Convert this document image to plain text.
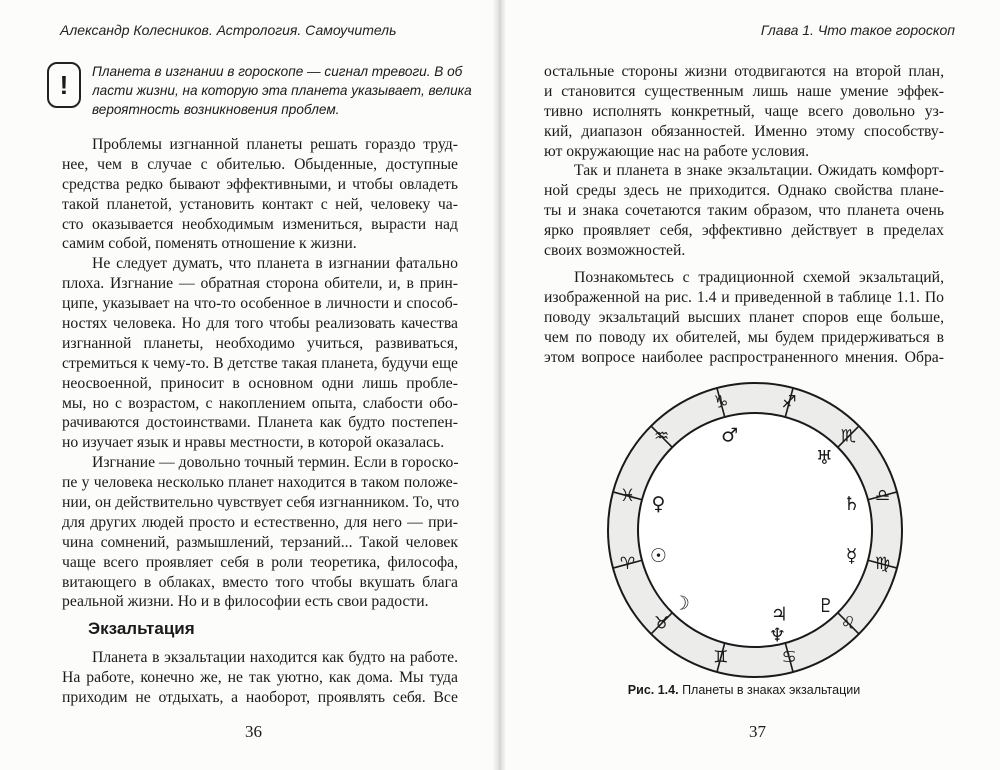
Александр Колесников. Астрология. Самоучитель
!	Планета в изгнании в гороскопе — сигнал тревоги. В об
ласти жизни, на которую эта планета указывает, велика
вероятность возникновения проблем.
Проблемы изгнанной планеты решать гораздо труд-
нее, чем в случае с обителью. Обыденные, доступные
средства редко бывают эффективными, и чтобы овладеть
такой планетой, установить контакт с ней, человеку ча-
сто оказывается необходимым измениться, вырасти над
самим собой, поменять отношение к жизни.
Не следует думать, что планета в изгнании фатально
плоха. Изгнание — обратная сторона обители, и, в прин-
ципе, указывает на что-то особенное в личности и способ-
ностях человека. Но для того чтобы реализовать качества
изгнанной планеты, необходимо учиться, развиваться,
стремиться к чему-то. В детстве такая планета, будучи еще
неосвоенной, приносит в основном одни лишь пробле-
мы, но с возрастом, с накоплением опыта, слабости обо-
рачиваются достоинствами. Планета как будто постепен-
но изучает язык и нравы местности, в которой оказалась.
Изгнание — довольно точный термин. Если в гороско-
пе у человека несколько планет находится в таком положе-
нии, он действительно чувствует себя изгнанником. То, что
для других людей просто и естественно, для него — при-
чина сомнений, размышлений, терзаний... Такой человек
чаще всего проявляет себя в роли теоретика, философа,
витающего в облаках, вместо того чтобы вкушать блага
реальной жизни. Но и в философии есть свои радости.
Экзальтация
Планета в экзальтации находится как будто на работе.
На работе, конечно же, не так уютно, как дома. Мы туда
приходим не отдыхать, а наоборот, проявлять себя. Все
36
Глава 1. Что такое гороскоп
остальные стороны жизни отодвигаются на второй план,
и становится существенным лишь наше умение эффек-
тивно исполнять конкретный, чаще всего довольно уз-
кий, диапазон обязанностей. Именно этому способству-
ют окружающие нас на работе условия.
Так и планета в знаке экзальтации. Ожидать комфорт-
ной среды здесь не приходится. Однако свойства плане-
ты и знака сочетаются таким образом, что планета очень
ярко проявляет себя, эффективно действует в пределах
своих возможностей.
Познакомьтесь с традиционной схемой экзальтаций,
изображенной на рис. 1.4 и приведенной в таблице 1.1. По
поводу экзальтаций высших планет споров еще больше,
чем по поводу их обителей, мы будем придерживаться в
этом вопросе наиболее распространенного мнения. Обра-
♑	♐
♏
♎
♍
♌
♋
♊
♉
♈
♓
♒	♂
♅
♄
☿
♇
♃
♆
☽
☉
♀
Рис. 1.4. Планеты в знаках экзальтации
37
